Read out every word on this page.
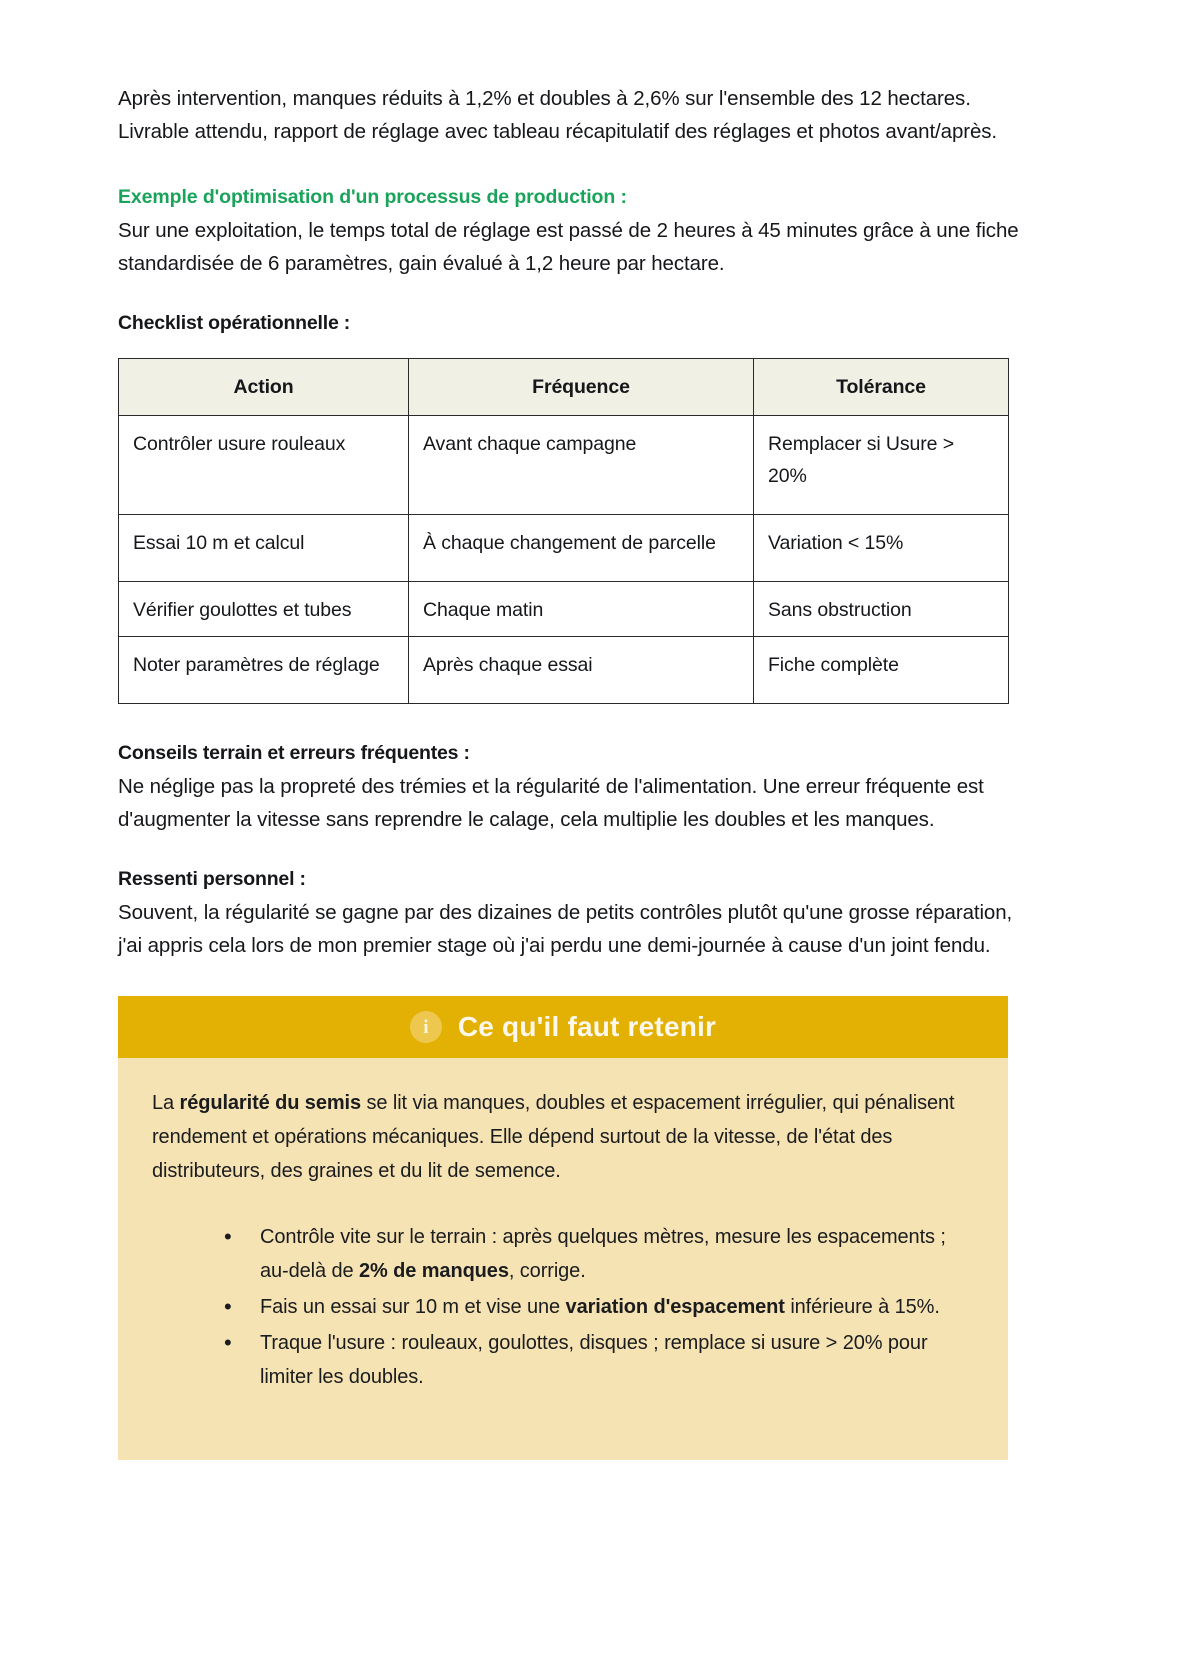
Après intervention, manques réduits à 1,2% et doubles à 2,6% sur l'ensemble des 12 hectares. Livrable attendu, rapport de réglage avec tableau récapitulatif des réglages et photos avant/après.

Exemple d'optimisation d'un processus de production :

Sur une exploitation, le temps total de réglage est passé de 2 heures à 45 minutes grâce à une fiche standardisée de 6 paramètres, gain évalué à 1,2 heure par hectare.

Checklist opérationnelle :
Action	Fréquence	Tolérance
Contrôler usure rouleaux	Avant chaque campagne	Remplacer si Usure > 20%
Essai 10 m et calcul	À chaque changement de parcelle	Variation < 15%
Vérifier goulottes et tubes	Chaque matin	Sans obstruction
Noter paramètres de réglage	Après chaque essai	Fiche complète
Conseils terrain et erreurs fréquentes :

Ne néglige pas la propreté des trémies et la régularité de l'alimentation. Une erreur fréquente est d'augmenter la vitesse sans reprendre le calage, cela multiplie les doubles et les manques.

Ressenti personnel :

Souvent, la régularité se gagne par des dizaines de petits contrôles plutôt qu'une grosse réparation, j'ai appris cela lors de mon premier stage où j'ai perdu une demi-journée à cause d'un joint fendu.

i Ce qu'il faut retenir

La régularité du semis se lit via manques, doubles et espacement irrégulier, qui pénalisent rendement et opérations mécaniques. Elle dépend surtout de la vitesse, de l'état des distributeurs, des graines et du lit de semence.

• Contrôle vite sur le terrain : après quelques mètres, mesure les espacements ; au-delà de 2% de manques, corrige.
• Fais un essai sur 10 m et vise une variation d'espacement inférieure à 15%.
• Traque l'usure : rouleaux, goulottes, disques ; remplace si usure > 20% pour limiter les doubles.
